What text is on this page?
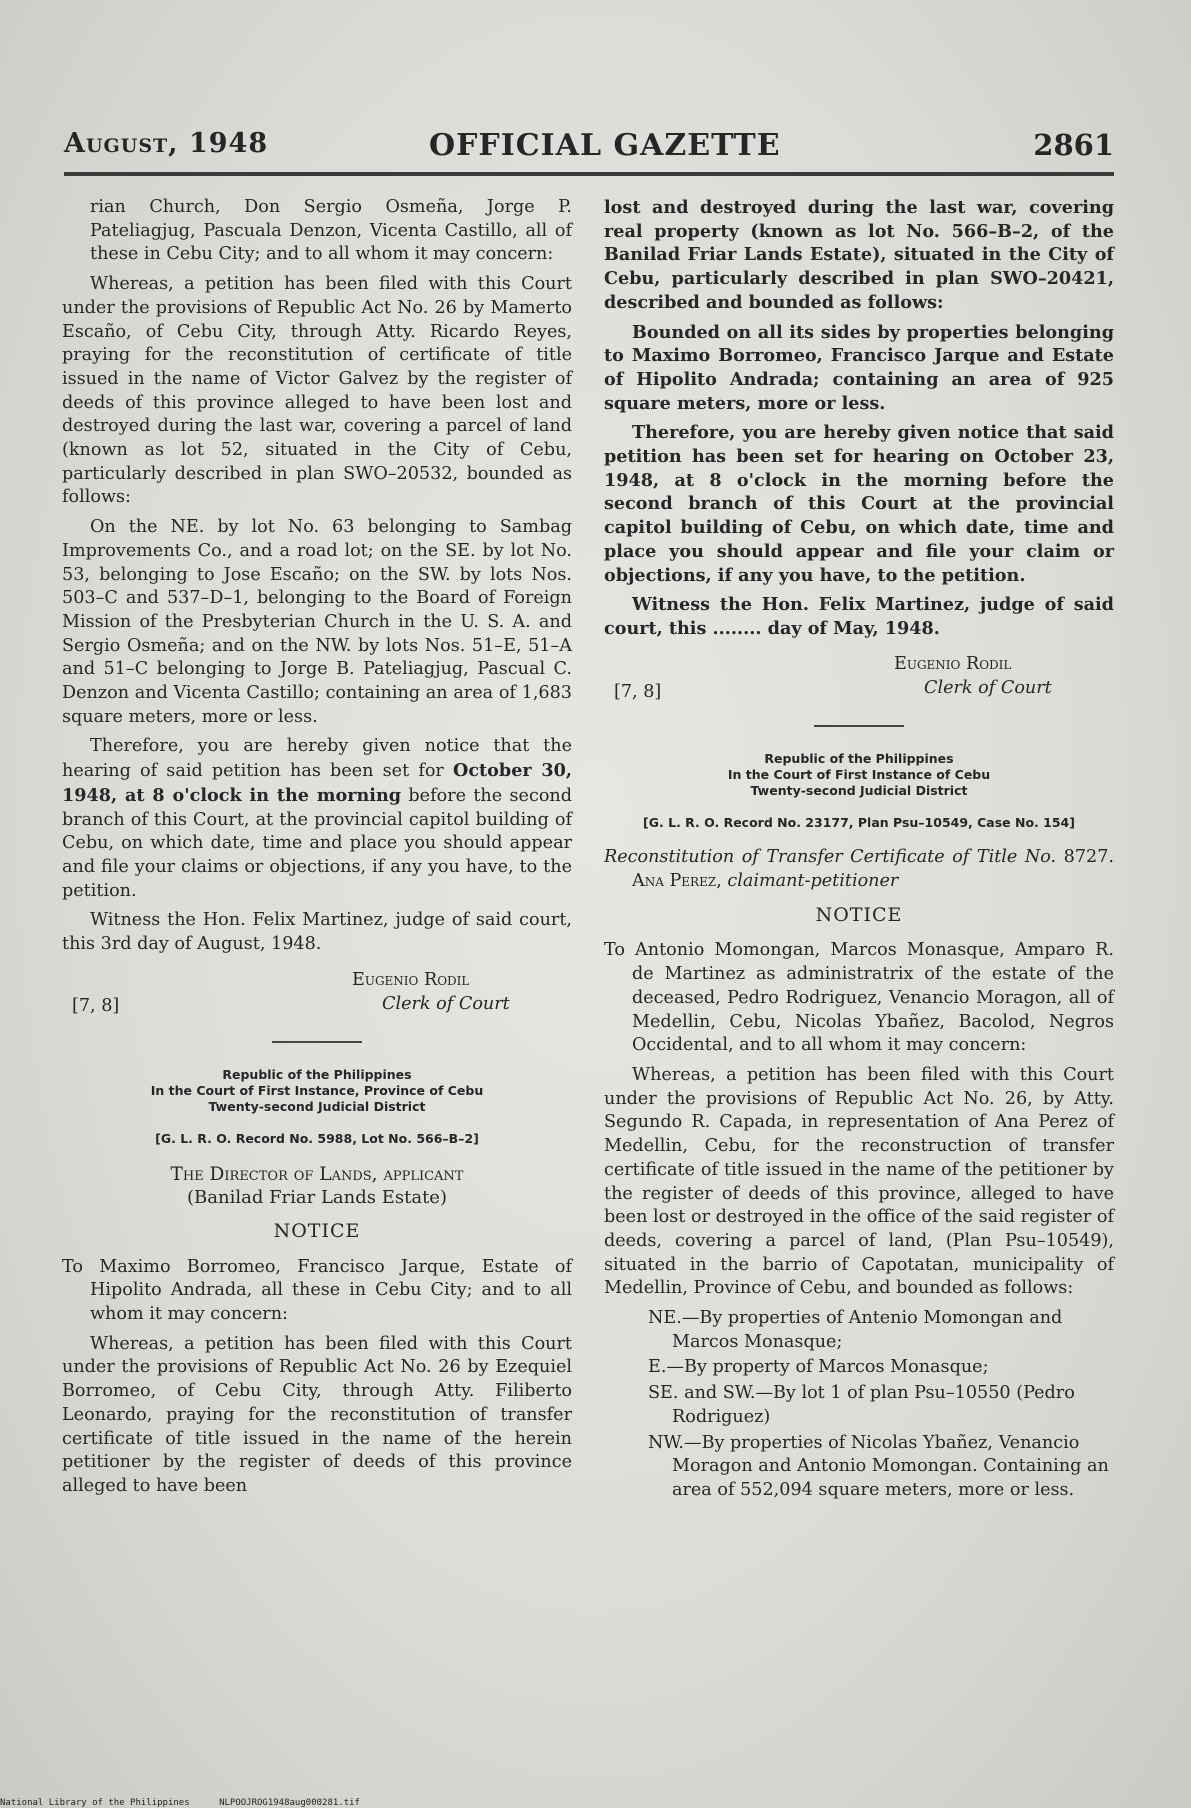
August, 1948	OFFICIAL GAZETTE	2861

rian Church, Don Sergio Osmeña, Jorge P. Pateliagjug, Pascuala Denzon, Vicenta Castillo, all of these in Cebu City; and to all whom it may concern:

Whereas, a petition has been filed with this Court under the provisions of Republic Act No. 26 by Mamerto Escaño, of Cebu City, through Atty. Ricardo Reyes, praying for the reconstitution of certificate of title issued in the name of Victor Galvez by the register of deeds of this province alleged to have been lost and destroyed during the last war, covering a parcel of land (known as lot 52, situated in the City of Cebu, particularly described in plan SWO–20532, bounded as follows:

On the NE. by lot No. 63 belonging to Sambag Improvements Co., and a road lot; on the SE. by lot No. 53, belonging to Jose Escaño; on the SW. by lots Nos. 503–C and 537–D–1, belonging to the Board of Foreign Mission of the Presbyterian Church in the U. S. A. and Sergio Osmeña; and on the NW. by lots Nos. 51–E, 51–A and 51–C belonging to Jorge B. Pateliagjug, Pascual C. Denzon and Vicenta Castillo; containing an area of 1,683 square meters, more or less.

Therefore, you are hereby given notice that the hearing of said petition has been set for October 30, 1948, at 8 o'clock in the morning before the second branch of this Court, at the provincial capitol building of Cebu, on which date, time and place you should appear and file your claims or objections, if any you have, to the petition.

Witness the Hon. Felix Martinez, judge of said court, this 3rd day of August, 1948.

[7, 8]
Eugenio Rodil
Clerk of Court
Republic of the Philippines
In the Court of First Instance, Province of Cebu
Twenty-second Judicial District
[G. L. R. O. Record No. 5988, Lot No. 566–B–2]

The Director of Lands, applicant

(Banilad Friar Lands Estate)

NOTICE

To Maximo Borromeo, Francisco Jarque, Estate of Hipolito Andrada, all these in Cebu City; and to all whom it may concern:

Whereas, a petition has been filed with this Court under the provisions of Republic Act No. 26 by Ezequiel Borromeo, of Cebu City, through Atty. Filiberto Leonardo, praying for the reconstitution of transfer certificate of title issued in the name of the herein petitioner by the register of deeds of this province alleged to have been

lost and destroyed during the last war, covering real property (known as lot No. 566–B–2, of the Banilad Friar Lands Estate), situated in the City of Cebu, particularly described in plan SWO–20421, described and bounded as follows:

Bounded on all its sides by properties belonging to Maximo Borromeo, Francisco Jarque and Estate of Hipolito Andrada; containing an area of 925 square meters, more or less.

Therefore, you are hereby given notice that said petition has been set for hearing on October 23, 1948, at 8 o'clock in the morning before the second branch of this Court at the provincial capitol building of Cebu, on which date, time and place you should appear and file your claim or objections, if any you have, to the petition.

Witness the Hon. Felix Martinez, judge of said court, this ........ day of May, 1948.

[7, 8]
Eugenio Rodil
Clerk of Court
Republic of the Philippines
In the Court of First Instance of Cebu
Twenty-second Judicial District
[G. L. R. O. Record No. 23177, Plan Psu–10549, Case No. 154]

Reconstitution of Transfer Certificate of Title No. 8727. Ana Perez, claimant-petitioner

NOTICE

To Antonio Momongan, Marcos Monasque, Amparo R. de Martinez as administratrix of the estate of the deceased, Pedro Rodriguez, Venancio Moragon, all of Medellin, Cebu, Nicolas Ybañez, Bacolod, Negros Occidental, and to all whom it may concern:

Whereas, a petition has been filed with this Court under the provisions of Republic Act No. 26, by Atty. Segundo R. Capada, in representation of Ana Perez of Medellin, Cebu, for the reconstruction of transfer certificate of title issued in the name of the petitioner by the register of deeds of this province, alleged to have been lost or destroyed in the office of the said register of deeds, covering a parcel of land, (Plan Psu–10549), situated in the barrio of Capotatan, municipality of Medellin, Province of Cebu, and bounded as follows:

NE.—By properties of Antenio Momongan and Marcos Monasque;

E.—By property of Marcos Monasque;

SE. and SW.—By lot 1 of plan Psu–10550 (Pedro Rodriguez)

NW.—By properties of Nicolas Ybañez, Venancio Moragon and Antonio Momongan. Containing an area of 552,094 square meters, more or less.

National Library of the Philippines	NLPOOJROG1948aug000281.tif
